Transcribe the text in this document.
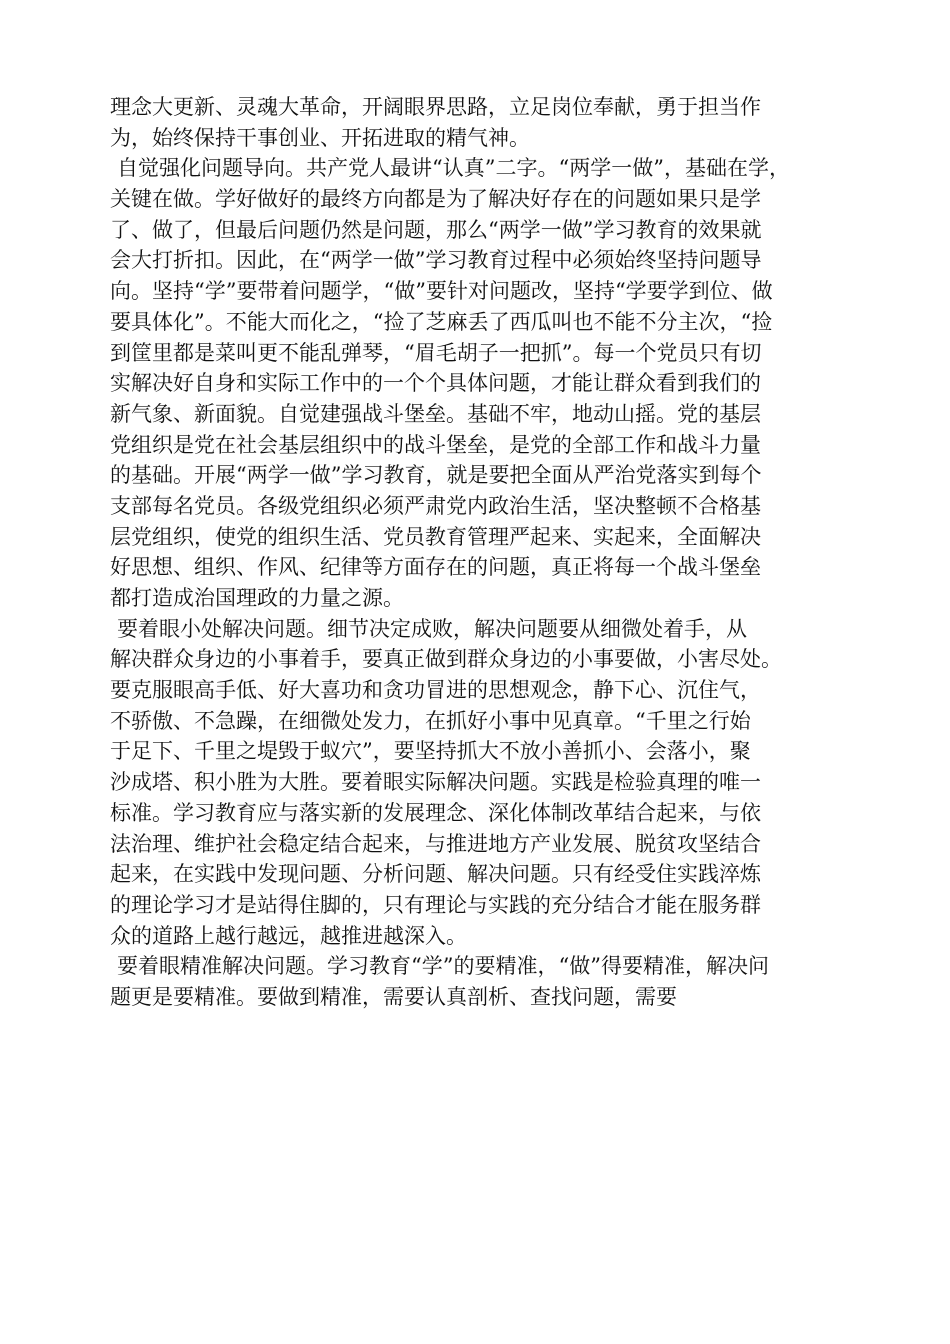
理念大更新、灵魂大革命，开阔眼界思路，立足岗位奉献，勇于担当作
为，始终保持干事创业、开拓进取的精气神。
自觉强化问题导向。共产党人最讲“认真”二字。“两学一做”，基础在学，
关键在做。学好做好的最终方向都是为了解决好存在的问题如果只是学
了、做了，但最后问题仍然是问题，那么“两学一做”学习教育的效果就
会大打折扣。因此，在“两学一做”学习教育过程中必须始终坚持问题导
向。坚持“学”要带着问题学，“做”要针对问题改，坚持“学要学到位、做
要具体化”。不能大而化之，“捡了芝麻丢了西瓜叫也不能不分主次，“捡
到筐里都是菜叫更不能乱弹琴，“眉毛胡子一把抓”。每一个党员只有切
实解决好自身和实际工作中的一个个具体问题，才能让群众看到我们的
新气象、新面貌。自觉建强战斗堡垒。基础不牢，地动山摇。党的基层
党组织是党在社会基层组织中的战斗堡垒，是党的全部工作和战斗力量
的基础。开展“两学一做”学习教育，就是要把全面从严治党落实到每个
支部每名党员。各级党组织必须严肃党内政治生活，坚决整顿不合格基
层党组织，使党的组织生活、党员教育管理严起来、实起来，全面解决
好思想、组织、作风、纪律等方面存在的问题，真正将每一个战斗堡垒
都打造成治国理政的力量之源。
要着眼小处解决问题。细节决定成败，解决问题要从细微处着手，从
解决群众身边的小事着手，要真正做到群众身边的小事要做，小害尽处。
要克服眼高手低、好大喜功和贪功冒进的思想观念，静下心、沉住气，
不骄傲、不急躁，在细微处发力，在抓好小事中见真章。“千里之行始
于足下、千里之堤毁于蚁穴”，要坚持抓大不放小善抓小、会落小，聚
沙成塔、积小胜为大胜。要着眼实际解决问题。实践是检验真理的唯一
标准。学习教育应与落实新的发展理念、深化体制改革结合起来，与依
法治理、维护社会稳定结合起来，与推进地方产业发展、脱贫攻坚结合
起来，在实践中发现问题、分析问题、解决问题。只有经受住实践淬炼
的理论学习才是站得住脚的，只有理论与实践的充分结合才能在服务群
众的道路上越行越远，越推进越深入。
要着眼精准解决问题。学习教育“学”的要精准，“做”得要精准，解决问
题更是要精准。要做到精准，需要认真剖析、查找问题，需要
